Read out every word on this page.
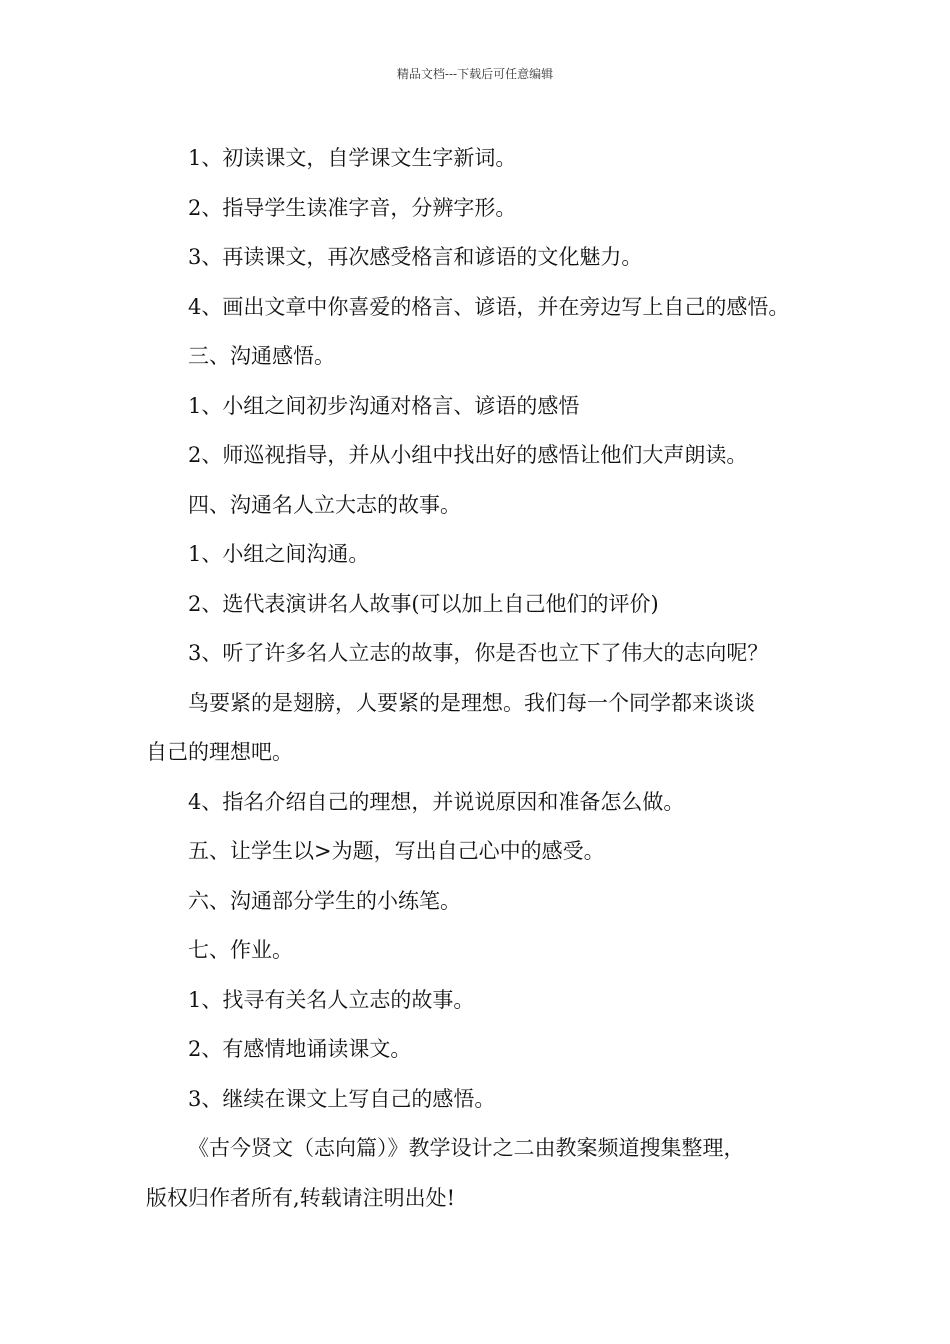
精品文档---下载后可任意编辑
1、初读课文，自学课文生字新词。
2、指导学生读准字音，分辨字形。
3、再读课文，再次感受格言和谚语的文化魅力。
4、画出文章中你喜爱的格言、谚语，并在旁边写上自己的感悟。
三、沟通感悟。
1、小组之间初步沟通对格言、谚语的感悟
2、师巡视指导，并从小组中找出好的感悟让他们大声朗读。
四、沟通名人立大志的故事。
1、小组之间沟通。
2、选代表演讲名人故事(可以加上自己他们的评价)
3、听了许多名人立志的故事，你是否也立下了伟大的志向呢？
鸟要紧的是翅膀，人要紧的是理想。我们每一个同学都来谈谈
自己的理想吧。
4、指名介绍自己的理想，并说说原因和准备怎么做。
五、让学生以>为题，写出自己心中的感受。
六、沟通部分学生的小练笔。
七、作业。
1、找寻有关名人立志的故事。
2、有感情地诵读课文。
3、继续在课文上写自己的感悟。
《古今贤文（志向篇）》教学设计之二由教案频道搜集整理，
版权归作者所有,转载请注明出处!
